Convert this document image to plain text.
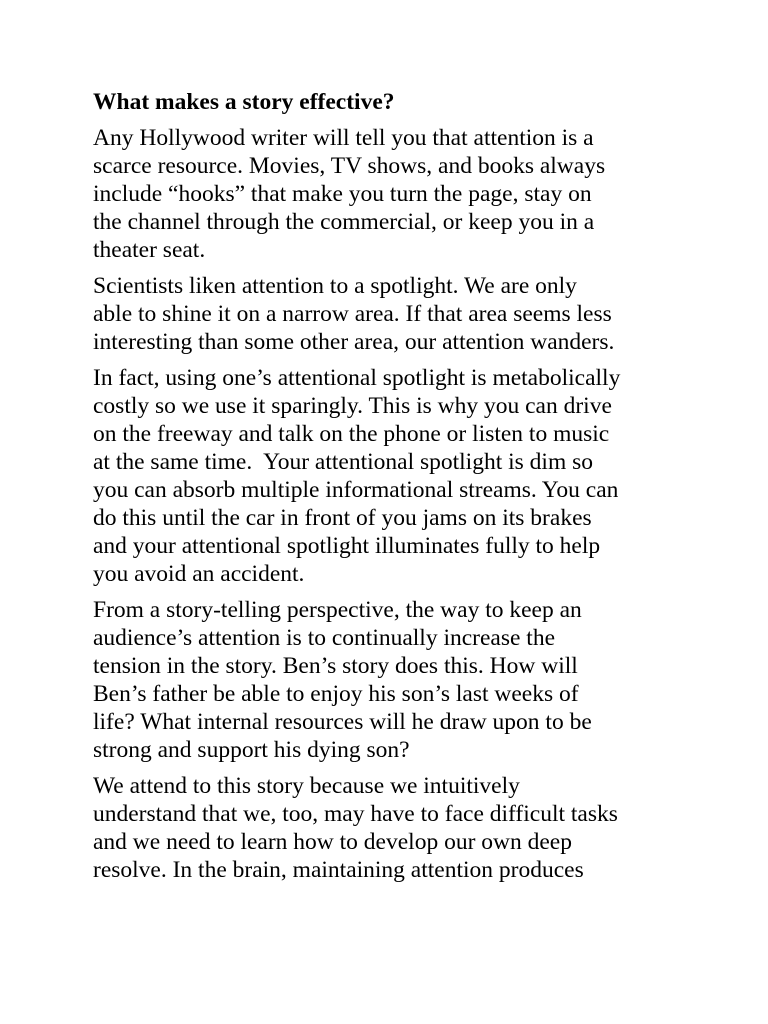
What makes a story effective?
Any Hollywood writer will tell you that attention is a
scarce resource. Movies, TV shows, and books always
include “hooks” that make you turn the page, stay on
the channel through the commercial, or keep you in a
theater seat.
Scientists liken attention to a spotlight. We are only
able to shine it on a narrow area. If that area seems less
interesting than some other area, our attention wanders.
In fact, using one’s attentional spotlight is metabolically
costly so we use it sparingly. This is why you can drive
on the freeway and talk on the phone or listen to music
at the same time.  Your attentional spotlight is dim so
you can absorb multiple informational streams. You can
do this until the car in front of you jams on its brakes
and your attentional spotlight illuminates fully to help
you avoid an accident.
From a story-telling perspective, the way to keep an
audience’s attention is to continually increase the
tension in the story. Ben’s story does this. How will
Ben’s father be able to enjoy his son’s last weeks of
life? What internal resources will he draw upon to be
strong and support his dying son?
We attend to this story because we intuitively
understand that we, too, may have to face difficult tasks
and we need to learn how to develop our own deep
resolve. In the brain, maintaining attention produces
